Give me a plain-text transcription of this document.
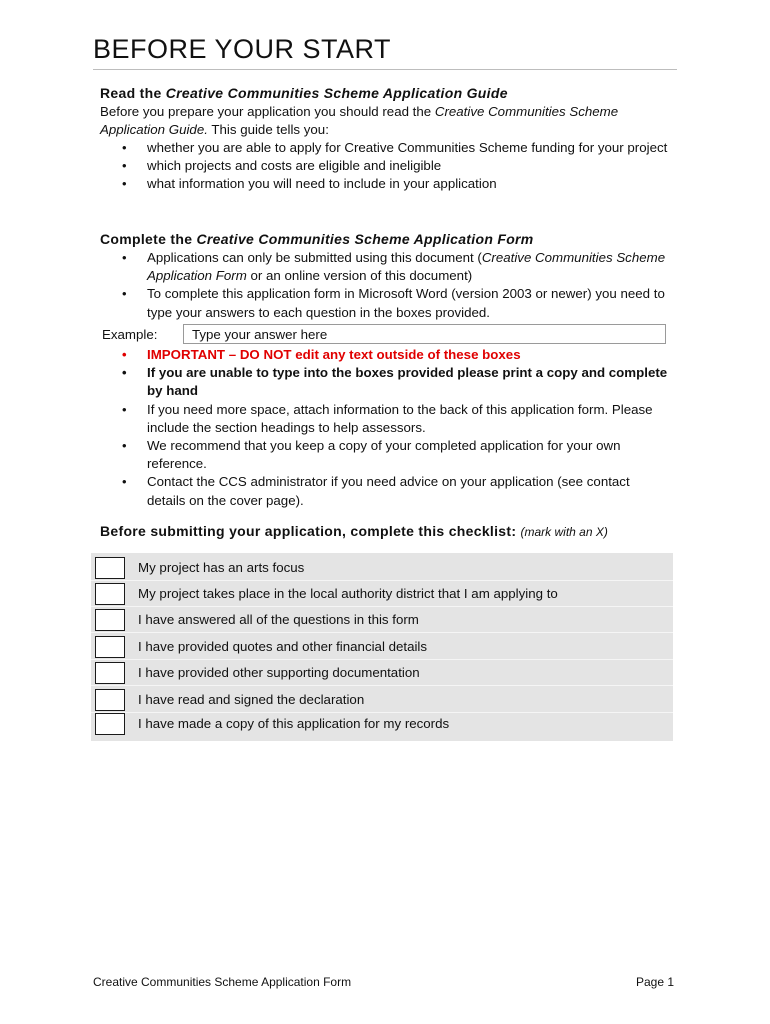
BEFORE YOUR START
Read the Creative Communities Scheme Application Guide
Before you prepare your application you should read the Creative Communities Scheme Application Guide. This guide tells you:
• whether you are able to apply for Creative Communities Scheme funding for your project
• which projects and costs are eligible and ineligible
• what information you will need to include in your application
Complete the Creative Communities Scheme Application Form
• Applications can only be submitted using this document (Creative Communities Scheme Application Form or an online version of this document)
• To complete this application form in Microsoft Word (version 2003 or newer) you need to type your answers to each question in the boxes provided.
Example:	Type your answer here
• IMPORTANT – DO NOT edit any text outside of these boxes
• If you are unable to type into the boxes provided please print a copy and complete by hand
• If you need more space, attach information to the back of this application form. Please include the section headings to help assessors.
• We recommend that you keep a copy of your completed application for your own reference.
• Contact the CCS administrator if you need advice on your application (see contact details on the cover page).
Before submitting your application, complete this checklist: (mark with an X)
My project has an arts focus
My project takes place in the local authority district that I am applying to
I have answered all of the questions in this form
I have provided quotes and other financial details
I have provided other supporting documentation
I have read and signed the declaration
I have made a copy of this application for my records
Creative Communities Scheme Application Form	Page 1
